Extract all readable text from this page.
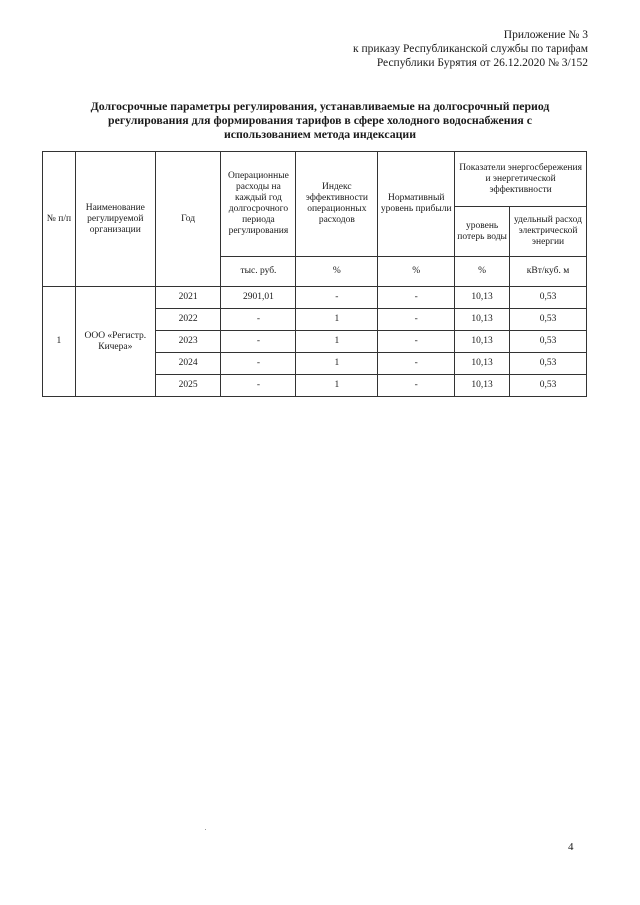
Приложение № 3
к приказу Республиканской службы по тарифам
Республики Бурятия от 26.12.2020 № 3/152
Долгосрочные параметры регулирования, устанавливаемые на долгосрочный период
регулирования для формирования тарифов в сфере холодного водоснабжения с
использованием метода индексации
№ п/п	Наименование регулируемой организации	Год	Операционные расходы на каждый год долгосрочного периода регулирования	Индекс эффективности операционных расходов	Нормативный уровень прибыли	Показатели энергосбережения и энергетической эффективности	
						уровень потерь воды	удельный расход электрической энергии
			тыс. руб.	%	%	%	кВт/куб. м
1	ООО «Регистр. Кичера»	2021	2901,01	-	-	10,13	0,53
		2022	-	1	-	10,13	0,53
		2023	-	1	-	10,13	0,53
		2024	-	1	-	10,13	0,53
		2025	-	1	-	10,13	0,53
4
